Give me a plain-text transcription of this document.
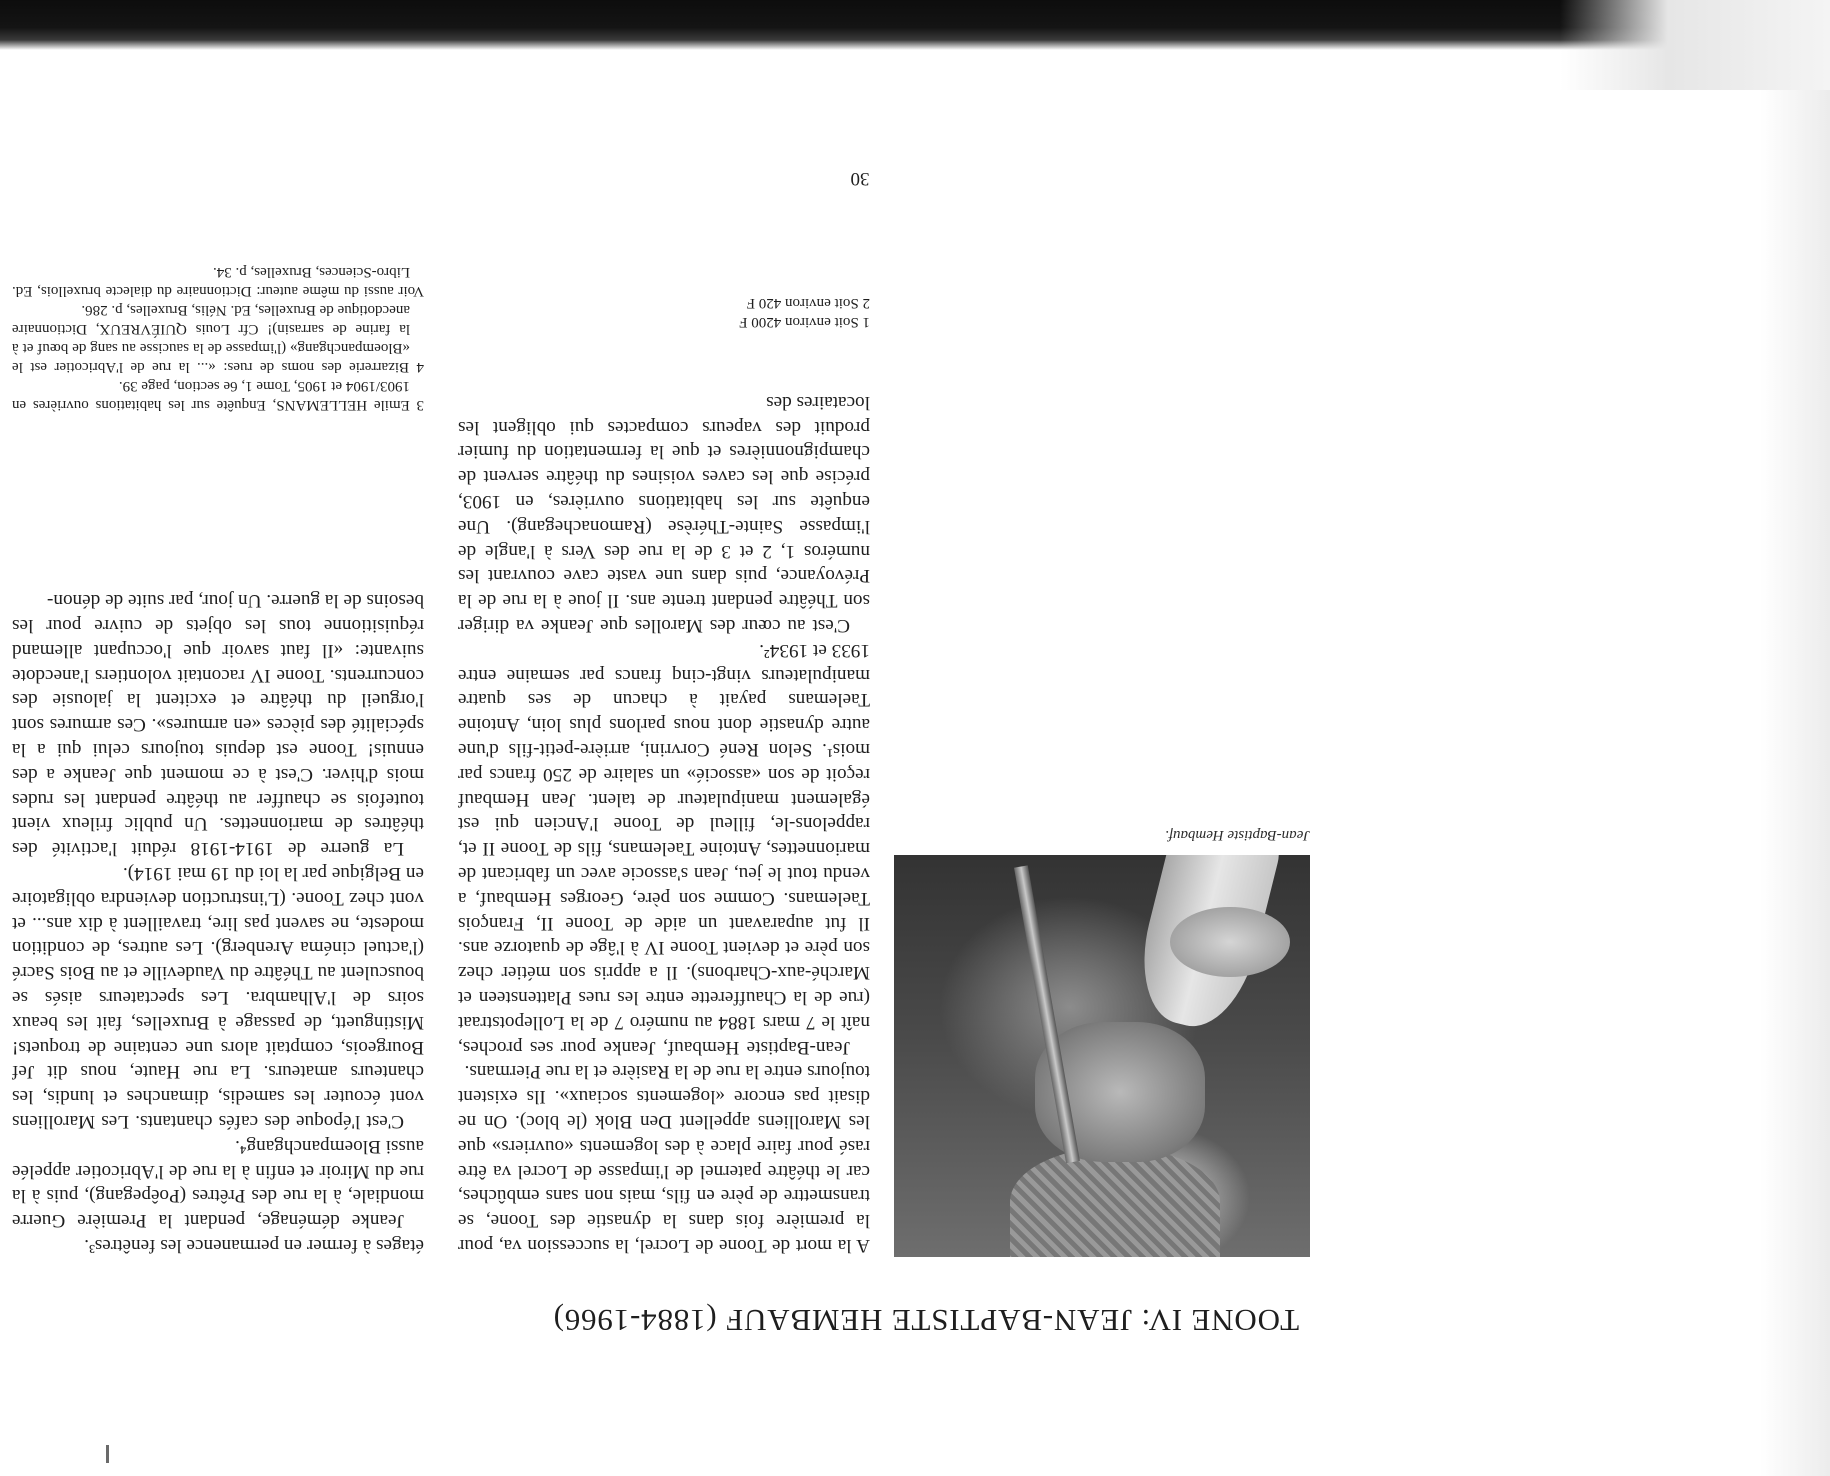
TOONE IV: JEAN-BAPTISTE HEMBAUF (1884-1966)

Jean-Baptiste Hembauf.

A la mort de Toone de Locrel, la succession va, pour la première fois dans la dynastie des Toone, se transmettre de père en fils, mais non sans embûches, car le théâtre paternel de l'impasse de Locrel va être rasé pour faire place à des logements «ouvriers» que les Marolliens appellent Den Blok (le bloc). On ne disait pas encore «logements sociaux». Ils existent toujours entre la rue de la Rasière et la rue Piermans.

Jean-Baptiste Hembauf, Jeanke pour ses proches, naît le 7 mars 1884 au numéro 7 de la Lollepotstraat (rue de la Chaufferette entre les rues Plattensteen et Marché-aux-Charbons). Il a appris son métier chez son père et devient Toone IV à l'âge de quatorze ans. Il fut auparavant un aide de Toone II, François Taelemans. Comme son père, Georges Hembauf, a vendu tout le jeu, Jean s'associe avec un fabricant de marionnettes, Antoine Taelemans, fils de Toone II et, rappelons-le, filleul de Toone l'Ancien qui est également manipulateur de talent. Jean Hembauf reçoit de son «associé» un salaire de 250 francs par mois¹. Selon René Corvrini, arrière-petit-fils d'une autre dynastie dont nous parlons plus loin, Antoine Taelemans payait à chacun de ses quatre manipulateurs vingt-cinq francs par semaine entre 1933 et 1934².

C'est au cœur des Marolles que Jeanke va diriger son Théâtre pendant trente ans. Il joue à la rue de la Prévoyance, puis dans une vaste cave couvrant les numéros 1, 2 et 3 de la rue des Vers à l'angle de l'impasse Sainte-Thérèse (Ramonachegang). Une enquête sur les habitations ouvrières, en 1903, précise que les caves voisines du théâtre servent de champignonnières et que la fermentation du fumier produit des vapeurs compactes qui obligent les locataires des

étages à fermer en permanence les fenêtres³.

Jeanke déménage, pendant la Première Guerre mondiale, à la rue des Prêtres (Poêpegang), puis à la rue du Miroir et enfin à la rue de l'Abricotier appelée aussi Bloempanchgang⁴.

C'est l'époque des cafés chantants. Les Marolliens vont écouter les samedis, dimanches et lundis, les chanteurs amateurs. La rue Haute, nous dit Jef Bourgeois, comptait alors une centaine de troquets! Mistinguett, de passage à Bruxelles, fait les beaux soirs de l'Alhambra. Les spectateurs aisés se bousculent au Théâtre du Vaudeville et au Bois Sacré (l'actuel cinéma Arenberg). Les autres, de condition modeste, ne savent pas lire, travaillent à dix ans... et vont chez Toone. (L'instruction deviendra obligatoire en Belgique par la loi du 19 mai 1914).

La guerre de 1914-1918 réduit l'activité des théâtres de marionnettes. Un public frileux vient toutefois se chauffer au théâtre pendant les rudes mois d'hiver. C'est à ce moment que Jeanke a des ennuis! Toone est depuis toujours celui qui a la spécialité des pièces «en armures». Ces armures sont l'orgueil du théâtre et excitent la jalousie des concurrents. Toone IV racontait volontiers l'anecdote suivante: «Il faut savoir que l'occupant allemand réquisitionne tous les objets de cuivre pour les besoins de la guerre. Un jour, par suite de dénon-

1 Soit environ 4200 F

2 Soit environ 420 F

3 Emile HELLEMANS, Enquête sur les habitations ouvrières en 1903/1904 et 1905, Tome 1, 6e section, page 39.

4 Bizarrerie des noms de rues: «... la rue de l'Abricotier est le «Bloempanchgang» (l'impasse de la saucisse au sang de bœuf et à la farine de sarrasin)! Cfr Louis QUIÉVREUX, Dictionnaire anecdotique de Bruxelles, Ed. Nélis, Bruxelles, p. 286.

Voir aussi du même auteur: Dictionnaire du dialecte bruxellois, Ed. Libro-Sciences, Bruxelles, p. 34.

30
